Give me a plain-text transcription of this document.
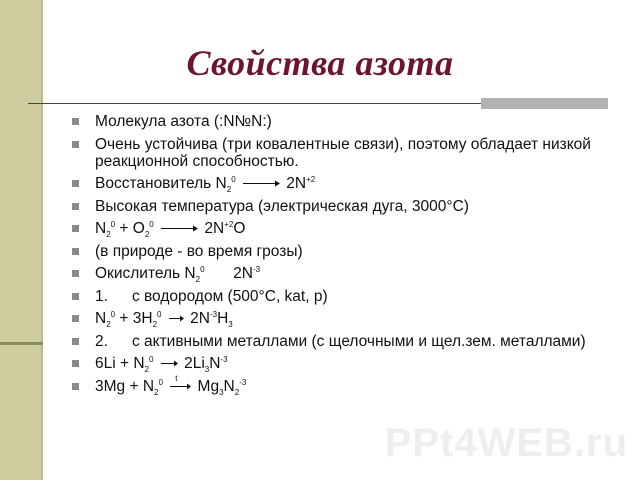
Свойства азота
Молекула азота (:N№N:)
Очень устойчива (три ковалентные связи), поэтому обладает низкой реакционной способностью.
Восстановитель $N_2^0 \to 2N^{+2}$
Высокая температура (электрическая дуга, 3000°С)
$N_2^0 + O_2^0 \to 2N^{+2}O$
(в природе - во время грозы)
Окислитель $N_2^0$ $2N^{-3}$
1. с водородом (500°С, kat, p)
$N_2^0 + 3H_2^0 \to 2N^{-3}H_3$
2. с активными металлами (с щелочными и щел.зем. металлами)
$6Li + N_2^0 \to 2Li_3N^{-3}$
$3Mg + N_2^0$ t $Mg_3N_2^{-3}$
PPt4WEB.ru
